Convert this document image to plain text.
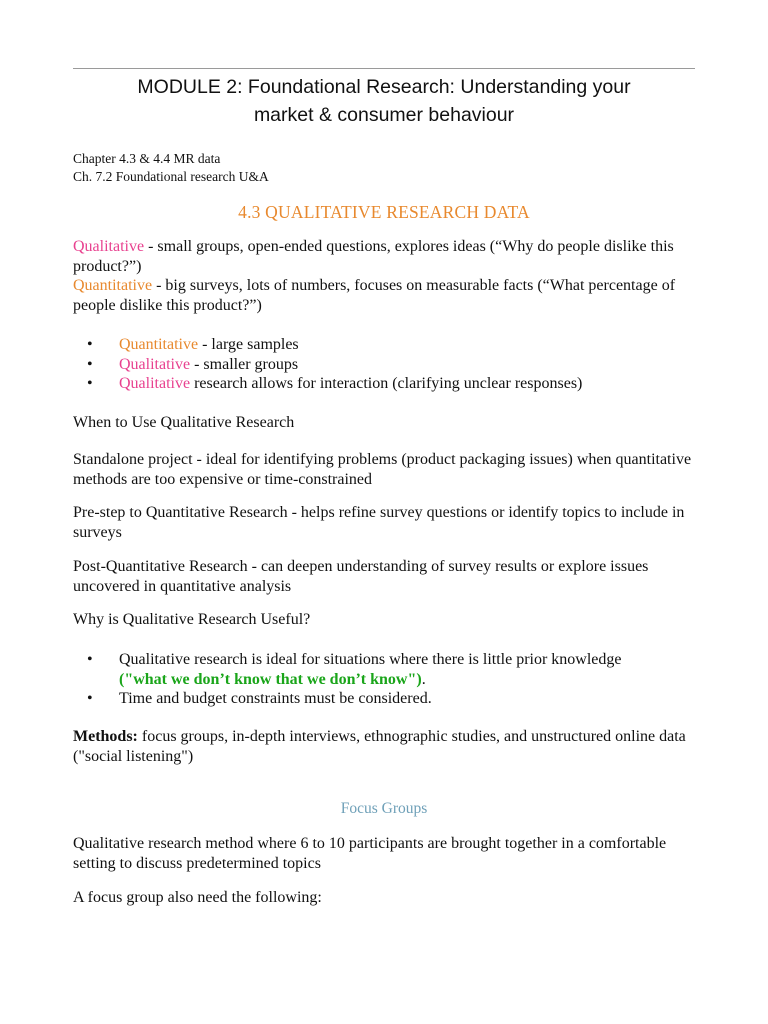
MODULE 2: Foundational Research: Understanding your
market & consumer behaviour
Chapter 4.3 & 4.4 MR data
Ch. 7.2 Foundational research U&A
4.3 QUALITATIVE RESEARCH DATA
Qualitative - small groups, open-ended questions, explores ideas (“Why do people dislike this product?”)
Quantitative - big surveys, lots of numbers, focuses on measurable facts (“What percentage of people dislike this product?”)
• Quantitative - large samples
• Qualitative - smaller groups
• Qualitative research allows for interaction (clarifying unclear responses)
When to Use Qualitative Research
Standalone project - ideal for identifying problems (product packaging issues) when quantitative methods are too expensive or time-constrained
Pre-step to Quantitative Research - helps refine survey questions or identify topics to include in surveys
Post-Quantitative Research - can deepen understanding of survey results or explore issues uncovered in quantitative analysis
Why is Qualitative Research Useful?
• Qualitative research is ideal for situations where there is little prior knowledge
("what we don’t know that we don’t know").
• Time and budget constraints must be considered.
Methods: focus groups, in-depth interviews, ethnographic studies, and unstructured online data ("social listening")
Focus Groups
Qualitative research method where 6 to 10 participants are brought together in a comfortable setting to discuss predetermined topics
A focus group also need the following:
